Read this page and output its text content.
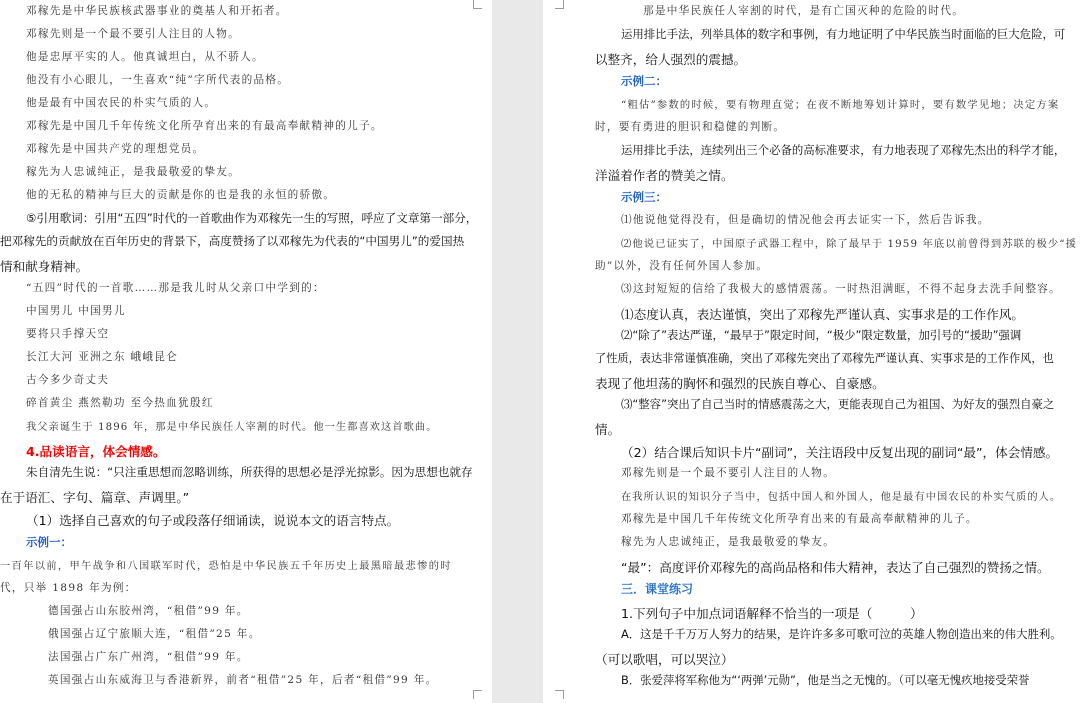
邓稼先是中华民族核武器事业的奠基人和开拓者。
邓稼先则是一个最不要引人注目的人物。
他是忠厚平实的人。他真诚坦白，从不骄人。
他没有小心眼儿，一生喜欢“纯”字所代表的品格。
他是最有中国农民的朴实气质的人。
邓稼先是中国几千年传统文化所孕育出来的有最高奉献精神的儿子。
邓稼先是中国共产党的理想党员。
稼先为人忠诚纯正，是我最敬爱的挚友。
他的无私的精神与巨大的贡献是你的也是我的永恒的骄傲。
⑤引用歌词：引用“五四”时代的一首歌曲作为邓稼先一生的写照，呼应了文章第一部分，
把邓稼先的贡献放在百年历史的背景下，高度赞扬了以邓稼先为代表的“中国男儿”的爱国热
情和献身精神。
“五四”时代的一首歌……那是我儿时从父亲口中学到的：
中国男儿 中国男儿
要将只手撑天空
长江大河 亚洲之东 峨峨昆仑
古今多少奇丈夫
碎首黄尘 燕然勒功 至今热血犹殷红
我父亲诞生于 1896 年，那是中华民族任人宰割的时代。他一生都喜欢这首歌曲。
4.品读语言，体会情感。
朱自清先生说：“只注重思想而忽略训练，所获得的思想必是浮光掠影。因为思想也就存
在于语汇、字句、篇章、声调里。”
（1）选择自己喜欢的句子或段落仔细诵读，说说本文的语言特点。
示例一：
一百年以前，甲午战争和八国联军时代，恐怕是中华民族五千年历史上最黑暗最悲惨的时
代，只举 1898 年为例：
德国强占山东胶州湾，“租借”99 年。
俄国强占辽宁旅顺大连，“租借”25 年。
法国强占广东广州湾，“租借”99 年。
英国强占山东威海卫与香港新界，前者“租借”25 年，后者“租借”99 年。
那是中华民族任人宰割的时代，是有亡国灭种的危险的时代。
运用排比手法，列举具体的数字和事例，有力地证明了中华民族当时面临的巨大危险，可
以整齐，给人强烈的震撼。
示例二：
“粗估”参数的时候，要有物理直觉；在夜不断地筹划计算时，要有数学见地；决定方案
时，要有勇进的胆识和稳健的判断。
运用排比手法，连续列出三个必备的高标准要求，有力地表现了邓稼先杰出的科学才能，
洋溢着作者的赞美之情。
示例三：
⑴他说他觉得没有，但是确切的情况他会再去证实一下，然后告诉我。
⑵他说已证实了，中国原子武器工程中，除了最早于 1959 年底以前曾得到苏联的极少“援
助”以外，没有任何外国人参加。
⑶这封短短的信给了我极大的感情震荡。一时热泪满眶，不得不起身去洗手间整容。
⑴态度认真，表达谨慎，突出了邓稼先严谨认真、实事求是的工作作风。
⑵“除了”表达严谨，“最早于”限定时间，“极少”限定数量，加引号的“援助”强调
了性质，表达非常谨慎准确，突出了邓稼先突出了邓稼先严谨认真、实事求是的工作作风，也
表现了他坦荡的胸怀和强烈的民族自尊心、自豪感。
⑶“整容”突出了自己当时的情感震荡之大，更能表现自己为祖国、为好友的强烈自豪之
情。
（2）结合课后知识卡片“副词”，关注语段中反复出现的副词“最”，体会情感。
邓稼先则是一个最不要引人注目的人物。
在我所认识的知识分子当中，包括中国人和外国人，他是最有中国农民的朴实气质的人。
邓稼先是中国几千年传统文化所孕育出来的有最高奉献精神的儿子。
稼先为人忠诚纯正，是我最敬爱的挚友。
“最”：高度评价邓稼先的高尚品格和伟大精神，表达了自己强烈的赞扬之情。
三．课堂练习
1.下列句子中加点词语解释不恰当的一项是（　　　）
A．这是千千万万人努力的结果，是许许多多可歌可泣的英雄人物创造出来的伟大胜利。
（可以歌唱，可以哭泣）
B．张爱萍将军称他为“‘两弹’元勋”，他是当之无愧的。（可以毫无愧疚地接受荣誉
